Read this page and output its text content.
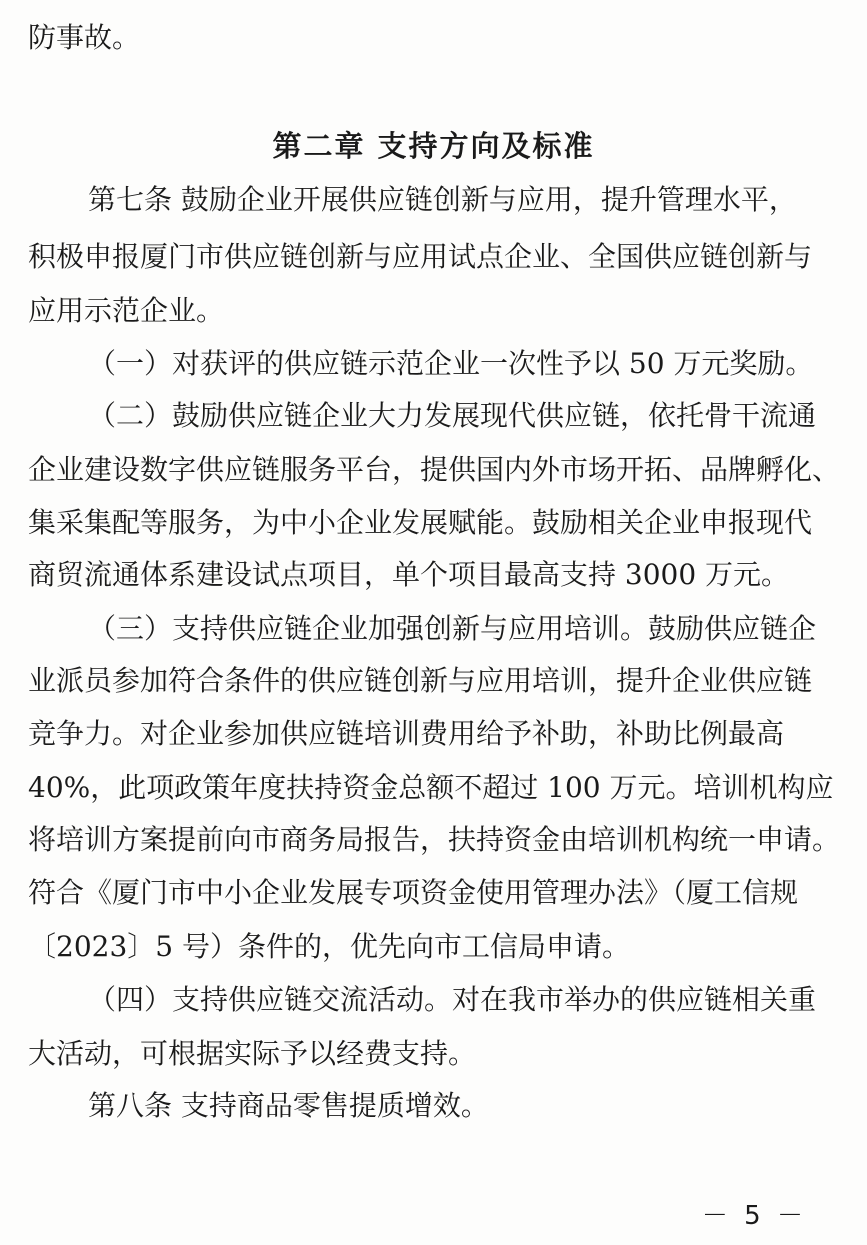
防事故。
第二章 支持方向及标准
第七条 鼓励企业开展供应链创新与应用，提升管理水平，
积极申报厦门市供应链创新与应用试点企业、全国供应链创新与
应用示范企业。
（一）对获评的供应链示范企业一次性予以 50 万元奖励。
（二）鼓励供应链企业大力发展现代供应链，依托骨干流通
企业建设数字供应链服务平台，提供国内外市场开拓、品牌孵化、
集采集配等服务，为中小企业发展赋能。鼓励相关企业申报现代
商贸流通体系建设试点项目，单个项目最高支持 3000 万元。
（三）支持供应链企业加强创新与应用培训。鼓励供应链企
业派员参加符合条件的供应链创新与应用培训，提升企业供应链
竞争力。对企业参加供应链培训费用给予补助，补助比例最高
40%，此项政策年度扶持资金总额不超过 100 万元。培训机构应
将培训方案提前向市商务局报告，扶持资金由培训机构统一申请。
符合《厦门市中小企业发展专项资金使用管理办法》（厦工信规
〔2023〕5 号）条件的，优先向市工信局申请。
（四）支持供应链交流活动。对在我市举办的供应链相关重
大活动，可根据实际予以经费支持。
第八条 支持商品零售提质增效。
－ 5 －
